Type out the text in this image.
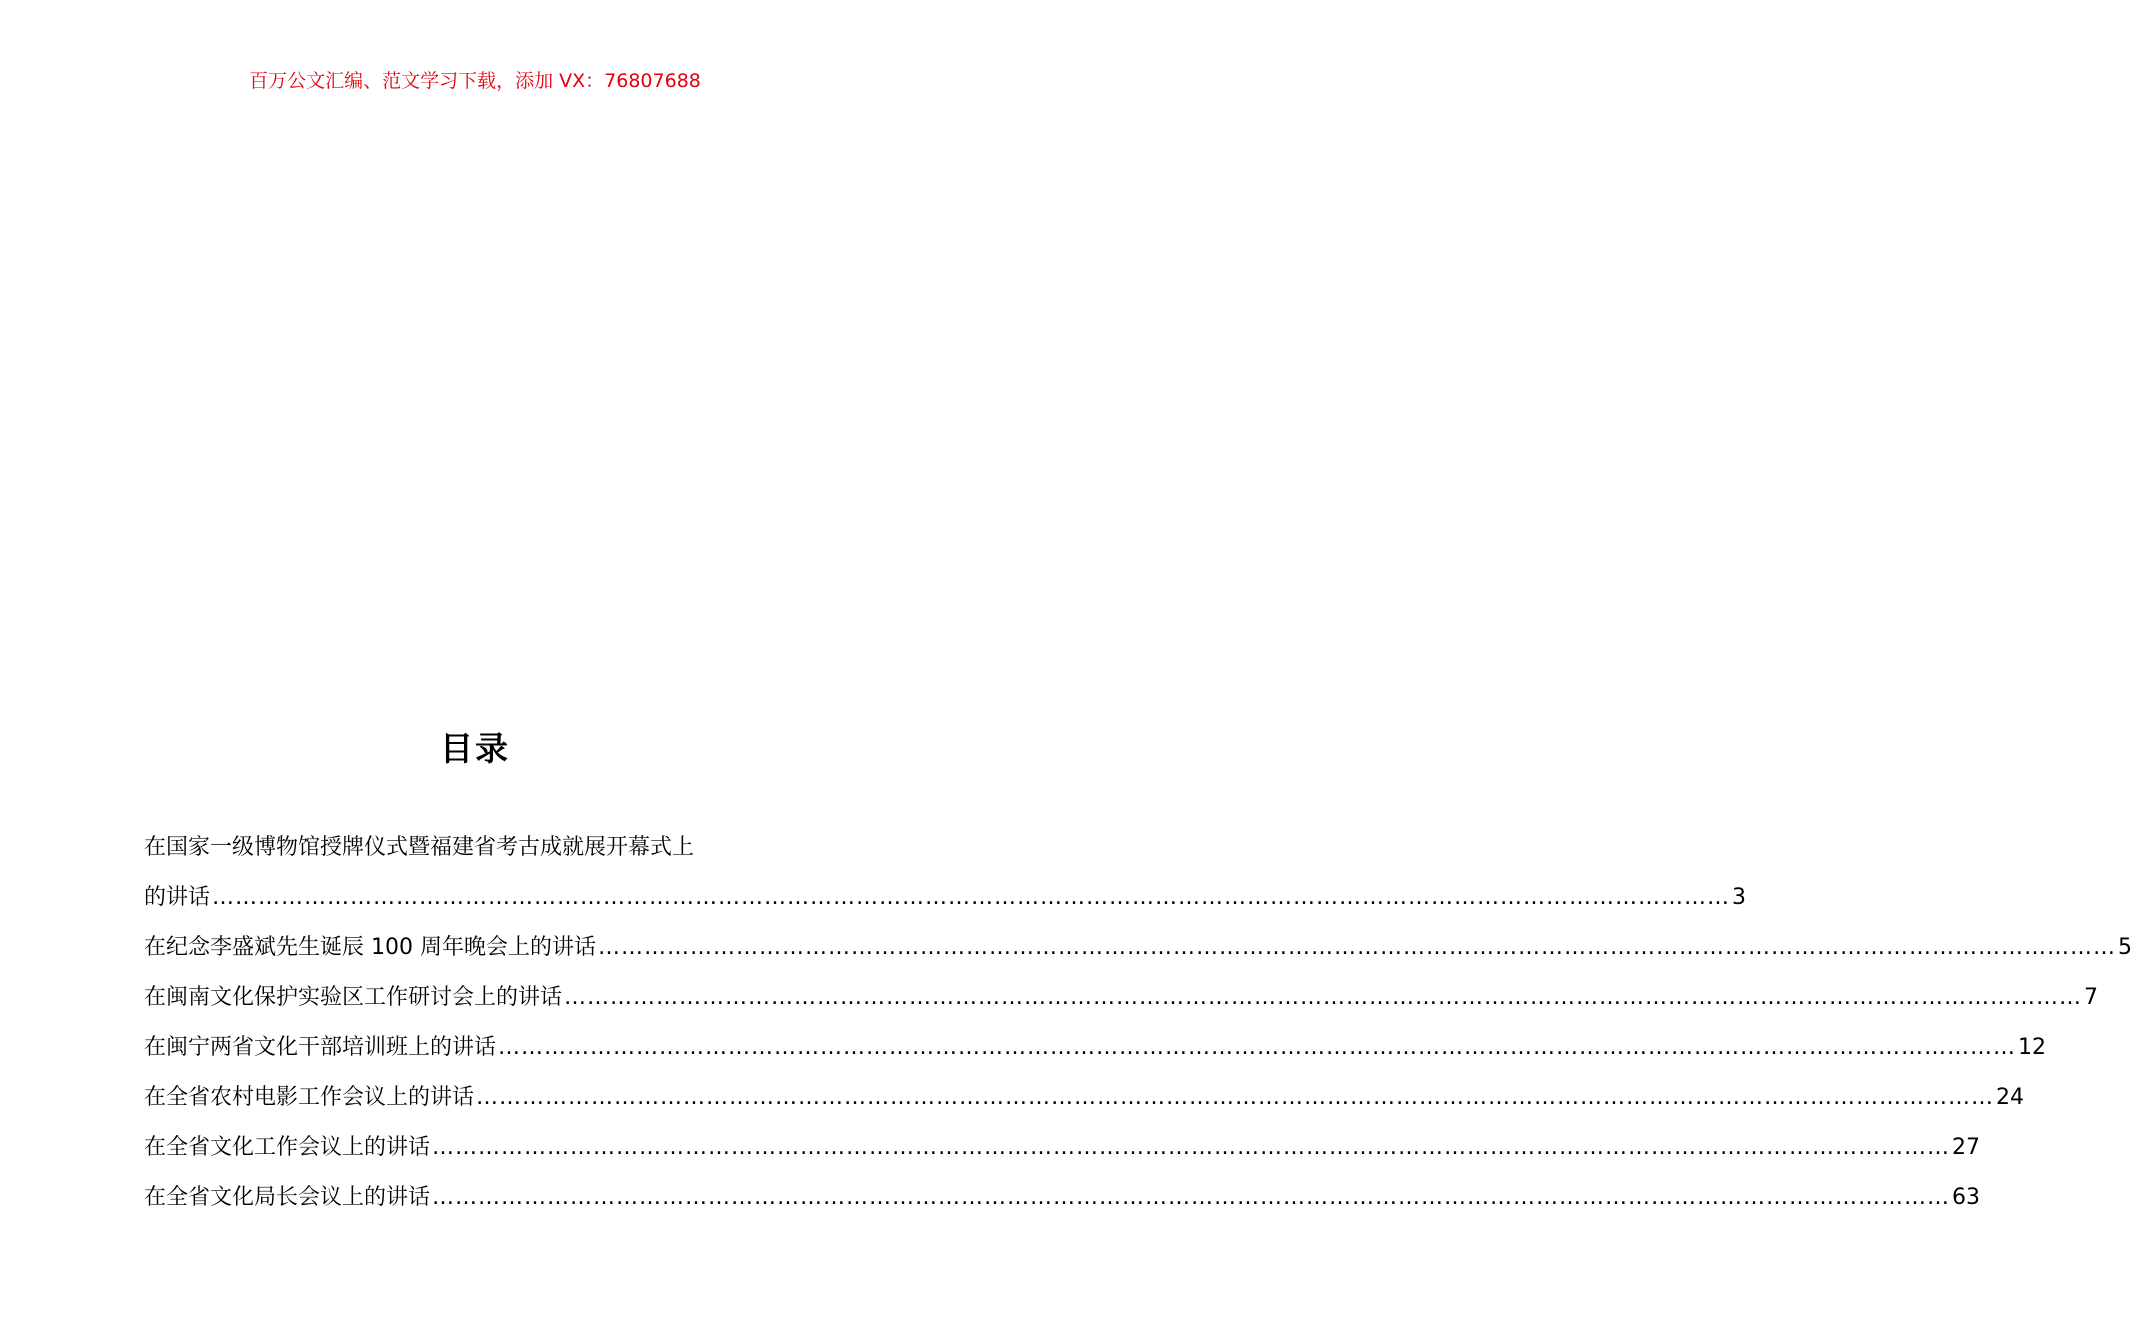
百万公文汇编、范文学习下载，添加 VX：76807688
目录
在国家一级博物馆授牌仪式暨福建省考古成就展开幕式上
的讲话 ……………………………………………………………………………………………………………………………………………………………………………… 3
在纪念李盛斌先生诞辰 100 周年晚会上的讲话 ……………………………………………………………………………………………………………………………………………………………………………… 5
在闽南文化保护实验区工作研讨会上的讲话 ……………………………………………………………………………………………………………………………………………………………………………… 7
在闽宁两省文化干部培训班上的讲话 ……………………………………………………………………………………………………………………………………………………………………………… 12
在全省农村电影工作会议上的讲话 ……………………………………………………………………………………………………………………………………………………………………………… 24
在全省文化工作会议上的讲话 ……………………………………………………………………………………………………………………………………………………………………………… 27
在全省文化局长会议上的讲话 ……………………………………………………………………………………………………………………………………………………………………………… 63
